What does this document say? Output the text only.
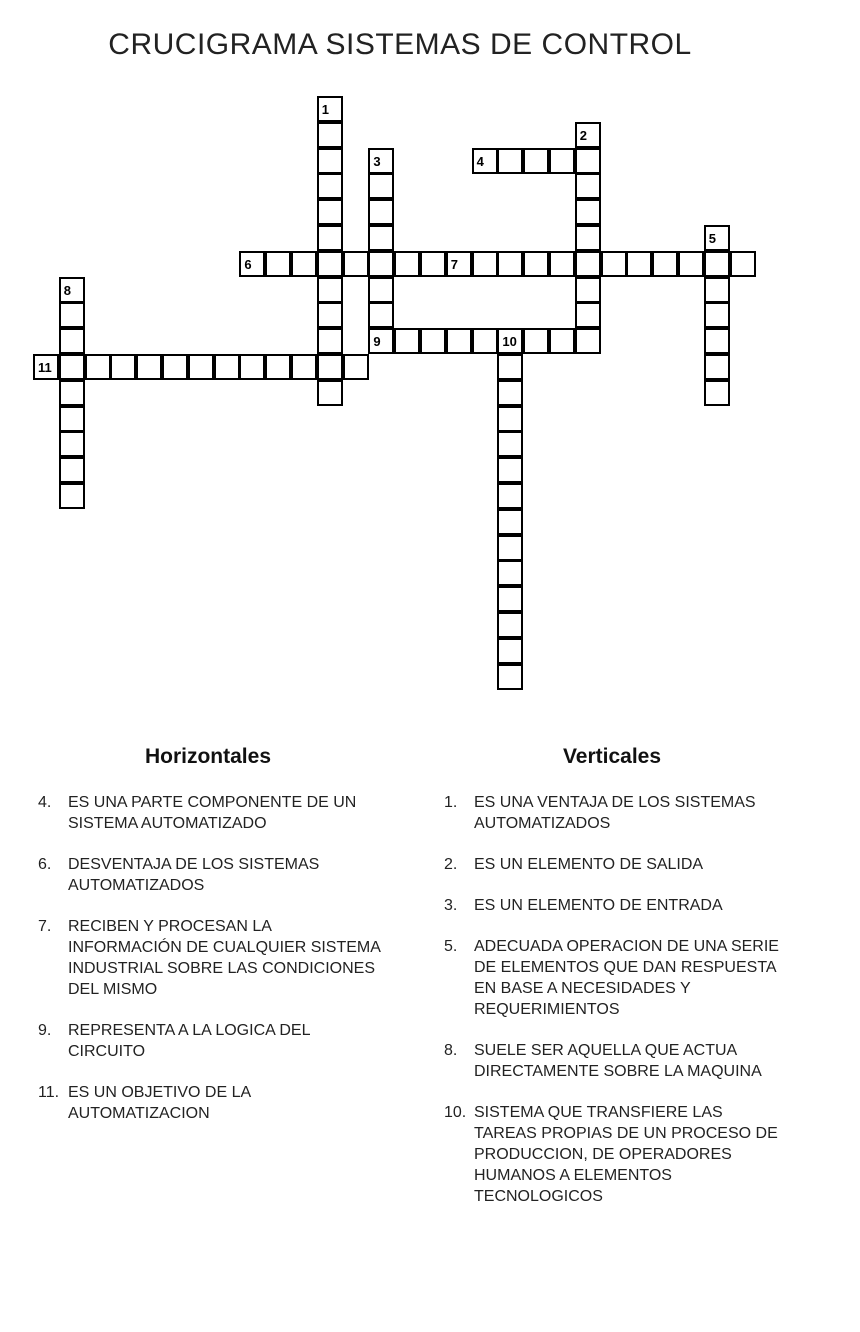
CRUCIGRAMA SISTEMAS DE CONTROL
1
2
3
5
8
10
4
6	7
9
11
Horizontales	Verticales
4. ES UNA PARTE COMPONENTE DE UN SISTEMA AUTOMATIZADO
6. DESVENTAJA DE LOS SISTEMAS AUTOMATIZADOS
7. RECIBEN Y PROCESAN LA INFORMACIÓN DE CUALQUIER SISTEMA INDUSTRIAL SOBRE LAS CONDICIONES DEL MISMO
9. REPRESENTA A LA LOGICA DEL CIRCUITO
11. ES UN OBJETIVO DE LA AUTOMATIZACION
1. ES UNA VENTAJA DE LOS SISTEMAS AUTOMATIZADOS
2. ES UN ELEMENTO DE SALIDA
3. ES UN ELEMENTO DE ENTRADA
5. ADECUADA OPERACION DE UNA SERIE DE ELEMENTOS QUE DAN RESPUESTA EN BASE A NECESIDADES Y REQUERIMIENTOS
8. SUELE SER AQUELLA QUE ACTUA DIRECTAMENTE SOBRE LA MAQUINA
10. SISTEMA QUE TRANSFIERE LAS TAREAS PROPIAS DE UN PROCESO DE PRODUCCION, DE OPERADORES HUMANOS A ELEMENTOS TECNOLOGICOS
